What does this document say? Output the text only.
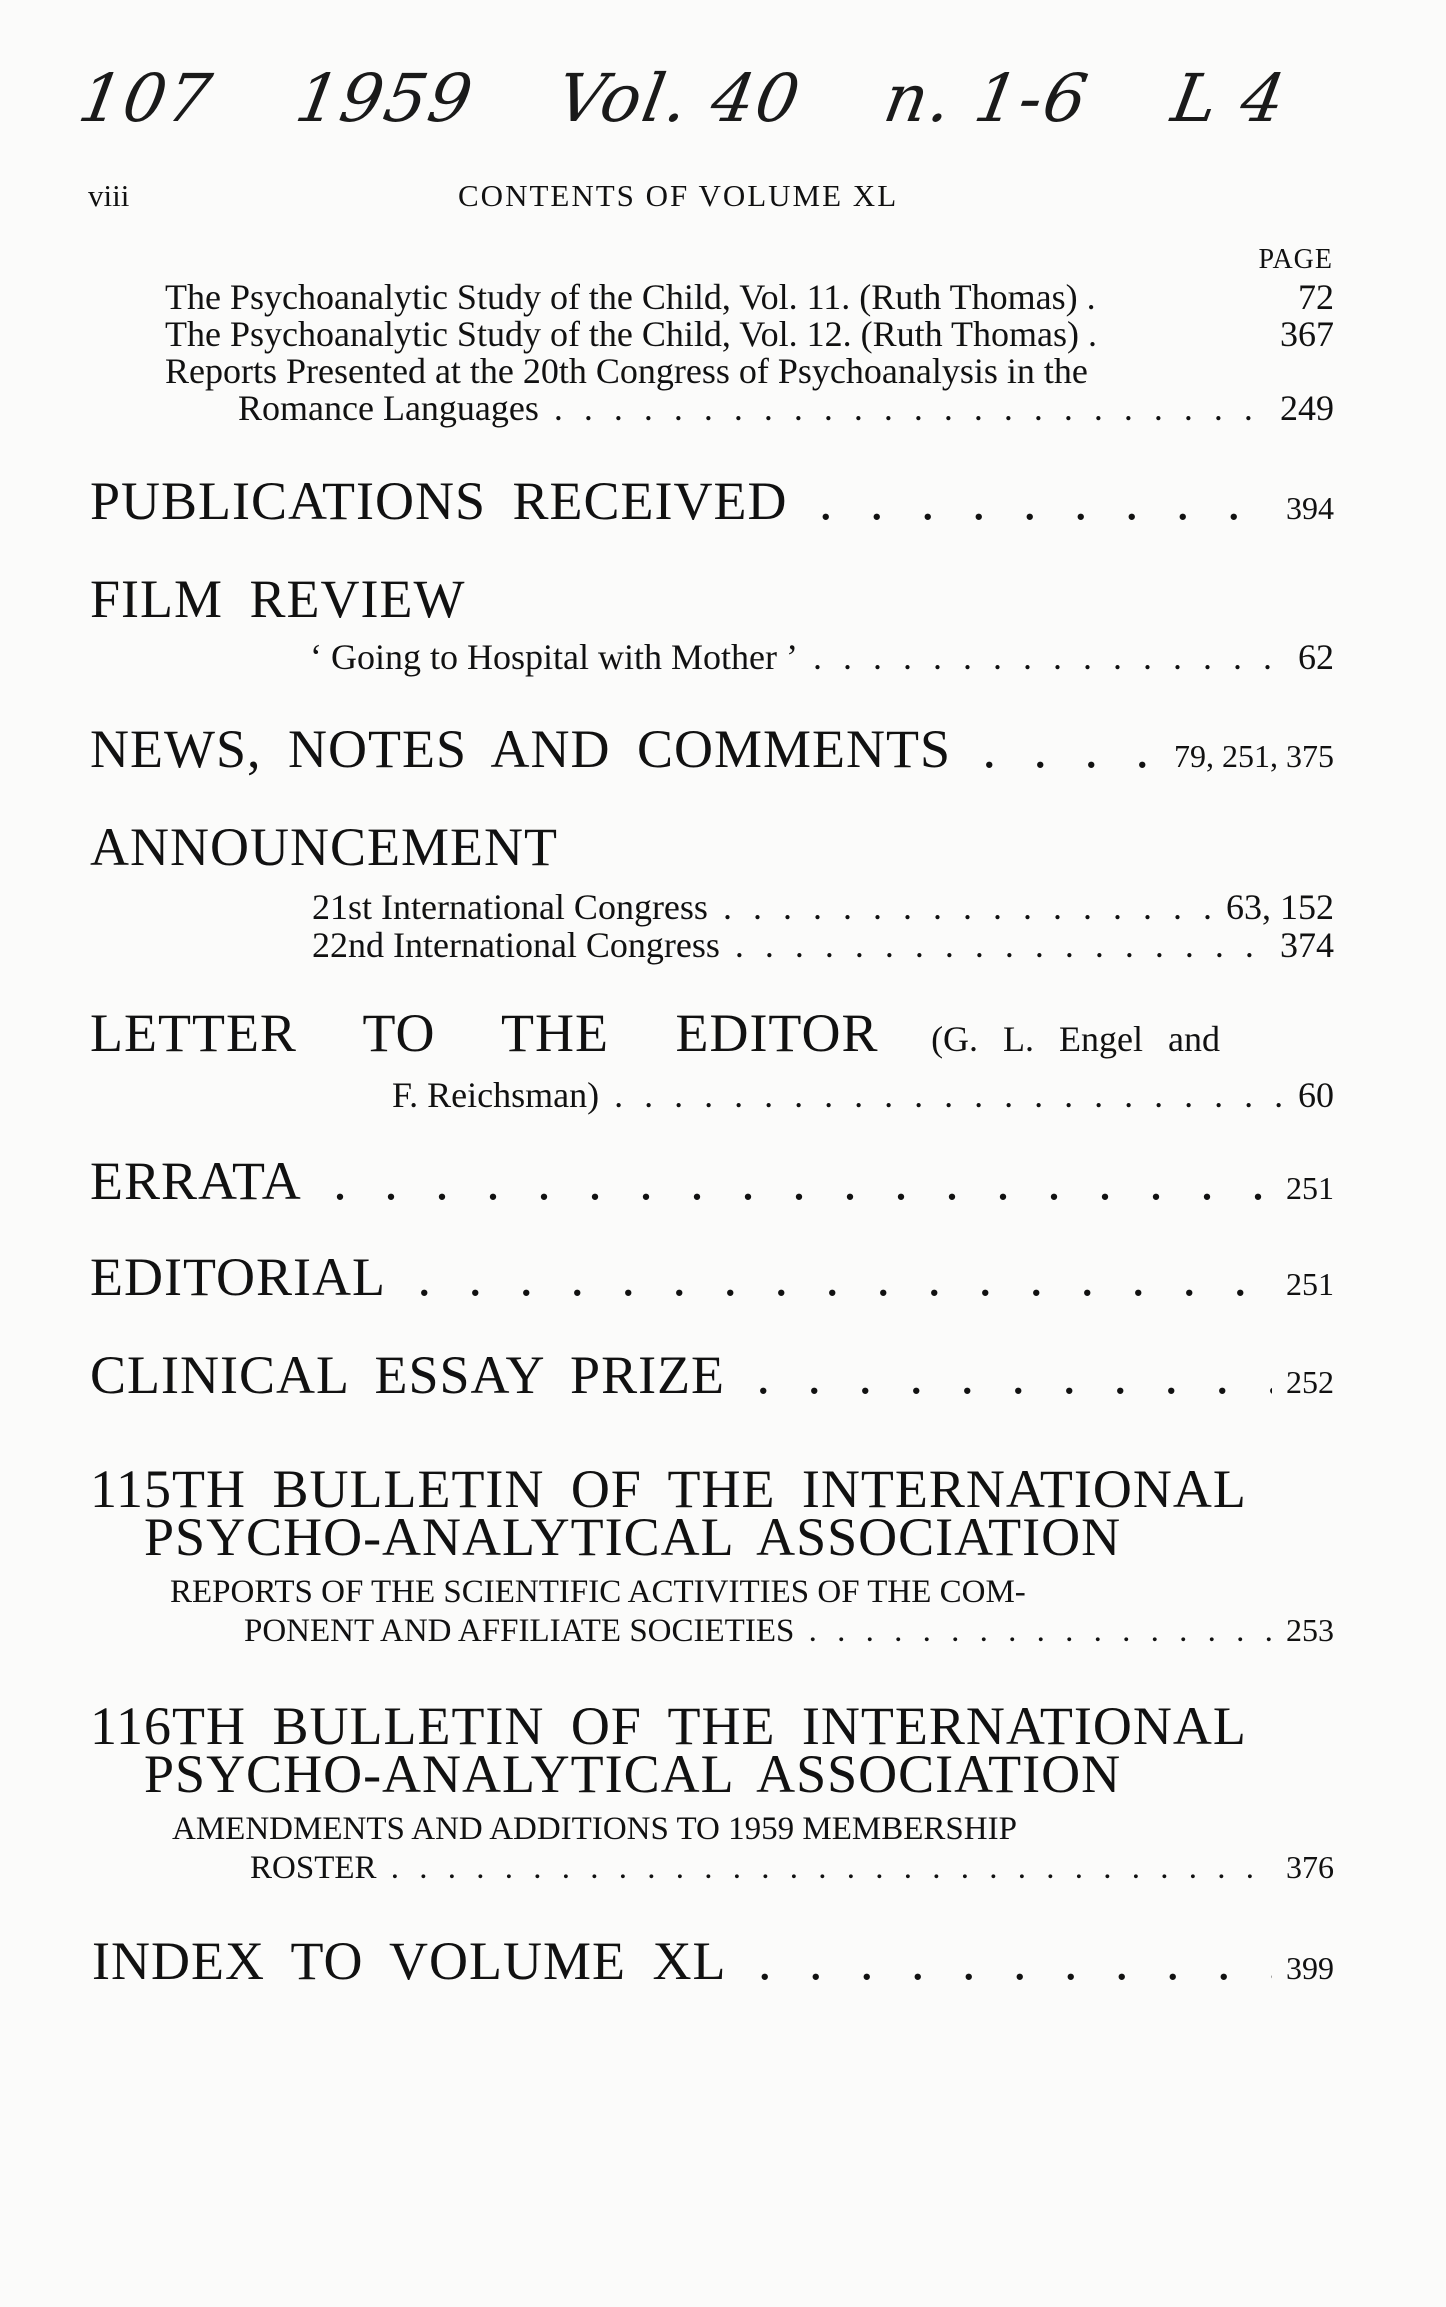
107 1959 Vol. 40 n. 1-6 L 4
viii	CONTENTS OF VOLUME XL
PAGE
The Psychoanalytic Study of the Child, Vol. 11. (Ruth Thomas) .	72
The Psychoanalytic Study of the Child, Vol. 12. (Ruth Thomas) .	367
Reports Presented at the 20th Congress of Psychoanalysis in the
Romance Languages . . .	249
PUBLICATIONS RECEIVED . . .	394
FILM REVIEW
‘ Going to Hospital with Mother ’ . . .	62
NEWS, NOTES AND COMMENTS . . .	79, 251, 375
ANNOUNCEMENT
21st International Congress . . .	63, 152
22nd International Congress . . .	374
LETTER TO THE EDITOR (G. L. Engel and
F. Reichsman) . . .	60
ERRATA . . .	251
EDITORIAL . . .	251
CLINICAL ESSAY PRIZE . . .	252
115TH BULLETIN OF THE INTERNATIONAL
PSYCHO-ANALYTICAL ASSOCIATION
REPORTS OF THE SCIENTIFIC ACTIVITIES OF THE COM-
PONENT AND AFFILIATE SOCIETIES . . .	253
116TH BULLETIN OF THE INTERNATIONAL
PSYCHO-ANALYTICAL ASSOCIATION
AMENDMENTS AND ADDITIONS TO 1959 MEMBERSHIP
ROSTER . . .	376
INDEX TO VOLUME XL . . .	399
